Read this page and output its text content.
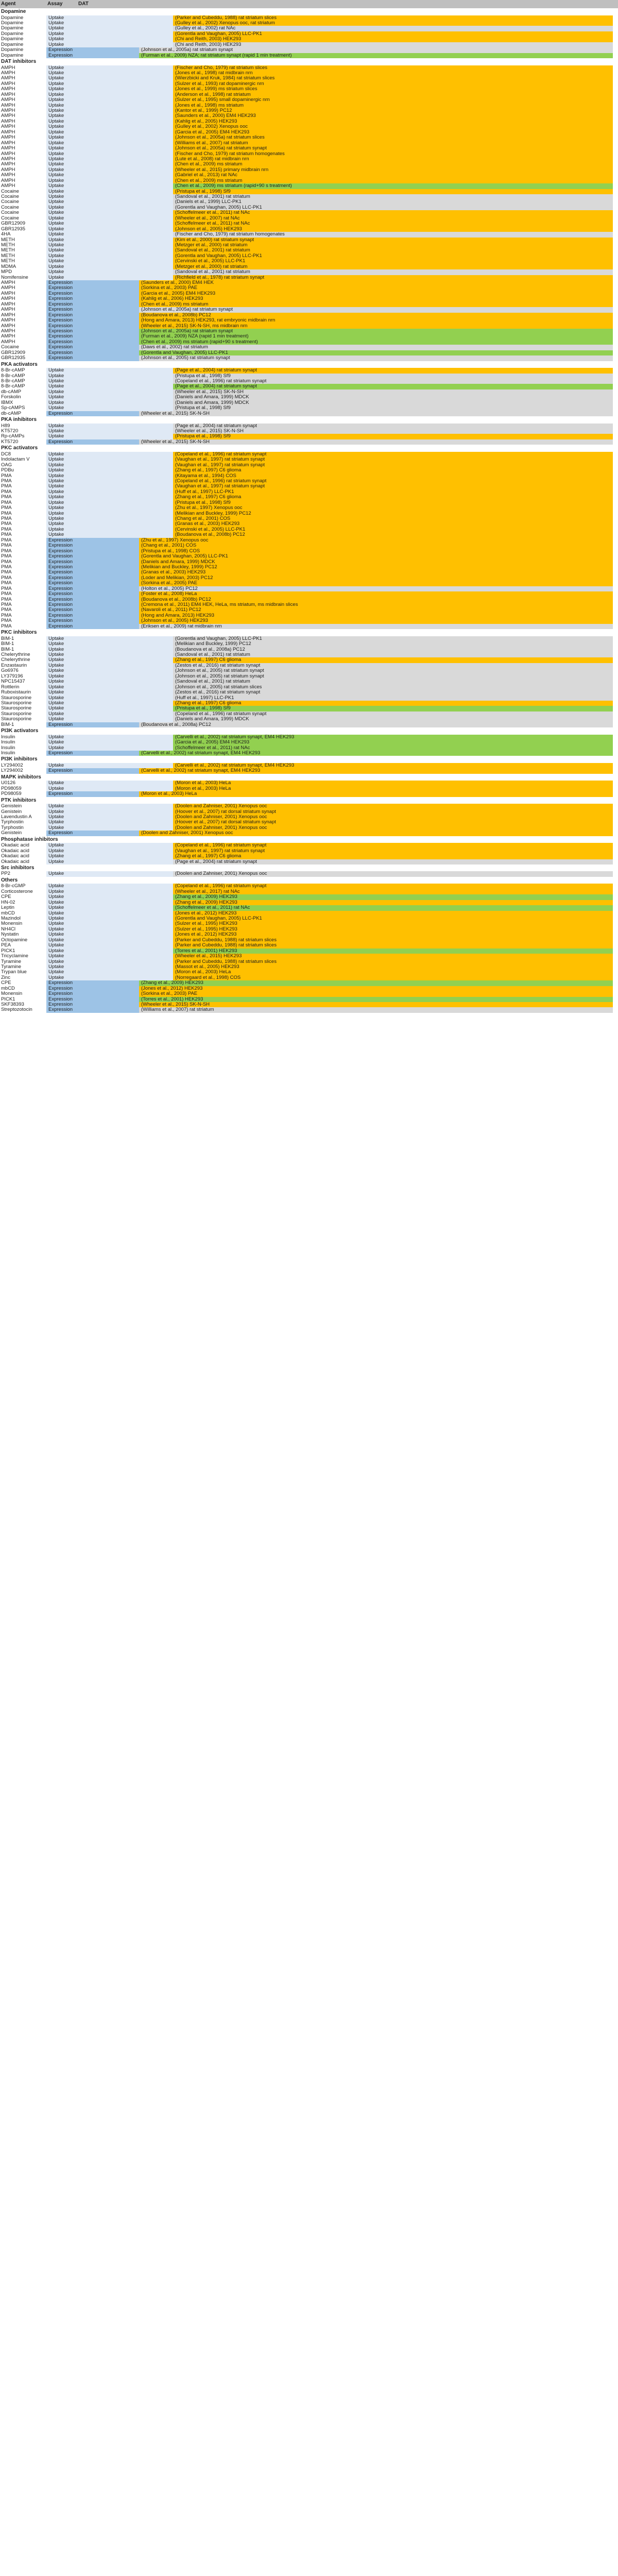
Agent	Assay	DAT
Dopamine
Dopamine	Uptake	(Parker and Cubeddu, 1988) rat striatum slices
Dopamine	Uptake	(Gulley et al., 2002) Xenopus ooc, rat striatum
Dopamine	Uptake	(Gulley et al., 2002) rat NAc
Dopamine	Uptake	(Gorentla and Vaughan, 2005) LLC-PK1
Dopamine	Uptake	(Chi and Reith, 2003) HEK293
Dopamine	Uptake	(Chi and Reith, 2003) HEK293
Dopamine	Expression	(Johnson et al., 2005a) rat striatum synapt
Dopamine	Expression	(Furman et al., 2009) NZA; rat striatum synapt (rapid 1 min treatment)
DAT inhibitors
AMPH	Uptake	(Fischer and Cho, 1979) rat striatum slices
AMPH	Uptake	(Jones et al., 1998) rat midbrain nrn
AMPH	Uptake	(Wierzbicki and Kruk, 1984) rat striatum slices
AMPH	Uptake	(Sulzer et al., 1993) rat dopaminergic nrn
AMPH	Uptake	(Jones et al., 1999) ms striatum slices
AMPH	Uptake	(Anderson et al., 1998) rat striatum
AMPH	Uptake	(Sulzer et al., 1995) small dopaminergic nrn
AMPH	Uptake	(Jones et al., 1998) ms striatum
AMPH	Uptake	(Kantor et al., 1999) PC12
AMPH	Uptake	(Saunders et al., 2000) EM4 HEK293
AMPH	Uptake	(Kahlig et al., 2005) HEK293
AMPH	Uptake	(Gulley et al., 2002) Xenopus ooc
AMPH	Uptake	(Garcia et al., 2005) EM4 HEK293
AMPH	Uptake	(Johnson et al., 2005a) rat striatum slices
AMPH	Uptake	(Williams et al., 2007) rat striatum
AMPH	Uptake	(Johnson et al., 2005a) rat striatum synapt
AMPH	Uptake	(Fischer and Cho, 1979) rat striatum homogenates
AMPH	Uptake	(Lute et al., 2008) rat midbrain nrn
AMPH	Uptake	(Chen et al., 2009) ms striatum
AMPH	Uptake	(Wheeler et al., 2015) primary midbrain nrn
AMPH	Uptake	(Gabriel et al., 2013) rat NAc
AMPH	Uptake	(Chen et al., 2009) ms striatum
AMPH	Uptake	(Chen et al., 2009) ms striatum (rapid+90 s treatment)
Cocaine	Uptake	(Pristupa et al., 1998) Sf9
Cocaine	Uptake	(Sandoval et al., 2001) rat striatum
Cocaine	Uptake	(Daniels et al., 1999) LLC-PK1
Cocaine	Uptake	(Gorentla and Vaughan, 2005) LLC-PK1
Cocaine	Uptake	(Schoffelmeer et al., 2011) rat NAc
Cocaine	Uptake	(Wheeler et al., 2007) rat NAc
GBR12909	Uptake	(Schoffelmeer et al., 2011) rat NAc
GBR12935	Uptake	(Johnson et al., 2005) HEK293
4HA	Uptake	(Fischer and Cho, 1979) rat striatum homogenates
METH	Uptake	(Kim et al., 2000) rat striatum synapt
METH	Uptake	(Metzger et al., 2000) rat striatum
METH	Uptake	(Sandoval et al., 2001) rat striatum
METH	Uptake	(Gorentla and Vaughan, 2005) LLC-PK1
METH	Uptake	(Cervinski et al., 2005) LLC-PK1
MDMA	Uptake	(Metzger et al., 2000) rat striatum
MPD	Uptake	(Sandoval et al., 2001) rat striatum
Nomifensine	Uptake	(Richfield et al., 1978) rat striatum synapt
AMPH	Expression	(Saunders et al., 2000) EM4 HEK
AMPH	Expression	(Sorkina et al., 2003) PAE
AMPH	Expression	(Garcia et al., 2005) EM4 HEK293
AMPH	Expression	(Kahlig et al., 2006) HEK293
AMPH	Expression	(Chen et al., 2009) ms striatum
AMPH	Expression	(Johnson et al., 2005a) rat striatum synapt
AMPH	Expression	(Boudanova et al., 2008b) PC12
AMPH	Expression	(Hong and Amara, 2013) HEK293, rat embryonic midbrain nrn
AMPH	Expression	(Wheeler et al., 2015) SK-N-SH, ms midbrain nrn
AMPH	Expression	(Johnson et al., 2005a) rat striatum synapt
AMPH	Expression	(Furman et al., 2009) NZA (rapid 1 min treatment)
AMPH	Expression	(Chen et al., 2009) ms striatum (rapid+90 s treatment)
Cocaine	Expression	(Daws et al., 2002) rat striatum
GBR12909	Expression	(Gorentla and Vaughan, 2005) LLC-PK1
GBR12935	Expression	(Johnson et al., 2005) rat striatum synapt
PKA activators
8-Br-cAMP	Uptake	(Page et al., 2004) rat striatum synapt
8-Br-cAMP	Uptake	(Pristupa et al., 1998) Sf9
8-Br-cAMP	Uptake	(Copeland et al., 1996) rat striatum synapt
8-Br-cAMP	Uptake	(Page et al., 2004) rat striatum synapt
db-cAMP	Uptake	(Wheeler et al., 2015) SK-N-SH
Forskolin	Uptake	(Daniels and Amara, 1999) MDCK
IBMX	Uptake	(Daniels and Amara, 1999) MDCK
Sp-cAMPS	Uptake	(Pristupa et al., 1998) Sf9
db-cAMP	Expression	(Wheeler et al., 2015) SK-N-SH
PKA inhibitors
H89	Uptake	(Page et al., 2004) rat striatum synapt
KT5720	Uptake	(Wheeler et al., 2015) SK-N-SH
Rp-cAMPs	Uptake	(Pristupa et al., 1998) Sf9
KT5720	Expression	(Wheeler et al., 2015) SK-N-SH
PKC activators
DC8	Uptake	(Copeland et al., 1996) rat striatum synapt
Indolactam V	Uptake	(Vaughan et al., 1997) rat striatum synapt
OAG	Uptake	(Vaughan et al., 1997) rat striatum synapt
PDBu	Uptake	(Zhang et al., 1997) C6 glioma
PMA	Uptake	(Kitayama et al., 1994) COS
PMA	Uptake	(Copeland et al., 1996) rat striatum synapt
PMA	Uptake	(Vaughan et al., 1997) rat striatum synapt
PMA	Uptake	(Huff et al., 1997) LLC-PK1
PMA	Uptake	(Zhang et al., 1997) C6 glioma
PMA	Uptake	(Pristupa et al., 1998) Sf9
PMA	Uptake	(Zhu et al., 1997) Xenopus ooc
PMA	Uptake	(Melikian and Buckley, 1999) PC12
PMA	Uptake	(Chang et al., 2001) COS
PMA	Uptake	(Granas et al., 2003) HEK293
PMA	Uptake	(Cervinski et al., 2005) LLC-PK1
PMA	Uptake	(Boudanova et al., 2008b) PC12
PMA	Expression	(Zhu et al., 1997) Xenopus ooc
PMA	Expression	(Chang et al., 2001) COS
PMA	Expression	(Pristupa et al., 1998) COS
PMA	Expression	(Gorentla and Vaughan, 2005) LLC-PK1
PMA	Expression	(Daniels and Amara, 1999) MDCK
PMA	Expression	(Melikian and Buckley, 1999) PC12
PMA	Expression	(Granas et al., 2003) HEK293
PMA	Expression	(Loder and Melikian, 2003) PC12
PMA	Expression	(Sorkina et al., 2005) PAE
PMA	Expression	(Holton et al., 2005) PC12
PMA	Expression	(Foster et al., 2008) HeLa
PMA	Expression	(Boudanova et al., 2008b) PC12
PMA	Expression	(Cremona et al., 2011) EM4 HEK, HeLa, ms striatum, ms midbrain slices
PMA	Expression	(Navaroli et al., 2011) PC12
PMA	Expression	(Hong and Amara, 2013) HEK293
PMA	Expression	(Johnson et al., 2005) HEK293
PMA	Expression	(Eriksen et al., 2009) rat midbrain nrn
PKC inhibitors
BIM-1	Uptake	(Gorentla and Vaughan, 2005) LLC-PK1
BIM-1	Uptake	(Melikian and Buckley, 1999) PC12
BIM-1	Uptake	(Boudanova et al., 2008a) PC12
Chelerythrine	Uptake	(Sandoval et al., 2001) rat striatum
Chelerythrine	Uptake	(Zhang et al., 1997) C6 glioma
Enzastaurin	Uptake	(Zestos et al., 2016) rat striatum synapt
Go6976	Uptake	(Johnson et al., 2005) rat striatum synapt
LY379196	Uptake	(Johnson et al., 2005) rat striatum synapt
NPC15437	Uptake	(Sandoval et al., 2001) rat striatum
Rottlerin	Uptake	(Johnson et al., 2005) rat striatum slices
Ruboxistaurin	Uptake	(Zestos et al., 2016) rat striatum synapt
Staurosporine	Uptake	(Huff et al., 1997) LLC-PK1
Staurosporine	Uptake	(Zhang et al., 1997) C6 glioma
Staurosporine	Uptake	(Pristupa et al., 1998) Sf9
Staurosporine	Uptake	(Copeland et al., 1996) rat striatum synapt
Staurosporine	Uptake	(Daniels and Amara, 1999) MDCK
BIM-1	Expression	(Boudanova et al., 2008a) PC12
PI3K activators
Insulin	Uptake	(Carvelli et al., 2002) rat striatum synapt, EM4 HEK293
Insulin	Uptake	(Garcia et al., 2005) EM4 HEK293
Insulin	Uptake	(Schoffelmeer et al., 2011) rat NAc
Insulin	Expression	(Carvelli et al., 2002) rat striatum synapt, EM4 HEK293
PI3K inhibitors
LY294002	Uptake	(Carvelli et al., 2002) rat striatum synapt, EM4 HEK293
LY294002	Expression	(Carvelli et al., 2002) rat striatum synapt, EM4 HEK293
MAPK inhibitors
U0126	Uptake	(Moron et al., 2003) HeLa
PD98059	Uptake	(Moron et al., 2003) HeLa
PD98059	Expression	(Moron et al., 2003) HeLa
PTK inhibitors
Genistein	Uptake	(Doolen and Zahniser, 2001) Xenopus ooc
Genistein	Uptake	(Hoover et al., 2007) rat dorsal striatum synapt
Lavendustin A	Uptake	(Doolen and Zahniser, 2001) Xenopus ooc
Tyrphostin	Uptake	(Hoover et al., 2007) rat dorsal striatum synapt
Tyrphostin	Uptake	(Doolen and Zahniser, 2001) Xenopus ooc
Genistein	Expression	(Doolen and Zahniser, 2001) Xenopus ooc
Phosphatase inhibitors
Okadaic acid	Uptake	(Copeland et al., 1996) rat striatum synapt
Okadaic acid	Uptake	(Vaughan et al., 1997) rat striatum synapt
Okadaic acid	Uptake	(Zhang et al., 1997) C6 glioma
Okadaic acid	Uptake	(Page et al., 2004) rat striatum synapt
Src inhibitors
PP2	Uptake	(Doolen and Zahniser, 2001) Xenopus ooc
Others
8-Br-cGMP	Uptake	(Copeland et al., 1996) rat striatum synapt
Corticosterone	Uptake	(Wheeler et al., 2017) rat NAc
CPE	Uptake	(Zhang et al., 2009) HEK293
HN-02	Uptake	(Zhang et al., 2009) HEK293
Leptin	Uptake	(Schoffelmeer et al., 2011) rat NAc
mbCD	Uptake	(Jones et al., 2012) HEK293
Mazindol	Uptake	(Gorentla and Vaughan, 2005) LLC-PK1
Monensin	Uptake	(Sulzer et al., 1995) HEK293
NH4Cl	Uptake	(Sulzer et al., 1995) HEK293
Nystatin	Uptake	(Jones et al., 2012) HEK293
Octopamine	Uptake	(Parker and Cubeddu, 1988) rat striatum slices
PEA	Uptake	(Parker and Cubeddu, 1988) rat striatum slices
PICK1	Uptake	(Torres et al., 2001) HEK293
Tricyclamine	Uptake	(Wheeler et al., 2015) HEK293
Tyramine	Uptake	(Parker and Cubeddu, 1988) rat striatum slices
Tyramine	Uptake	(Massot et al., 2005) HEK293
Trypan blue	Uptake	(Moron et al., 2003) HeLa
Zinc	Uptake	(Norregaard et al., 1998) COS
CPE	Expression	(Zhang et al., 2009) HEK293
mbCD	Expression	(Jones et al., 2012) HEK293
Monensin	Expression	(Sorkina et al., 2003) PAE
PICK1	Expression	(Torres et al., 2001) HEK293
SKF38393	Expression	(Wheeler et al., 2015) SK-N-SH
Streptozotocin	Expression	(Williams et al., 2007) rat striatum
